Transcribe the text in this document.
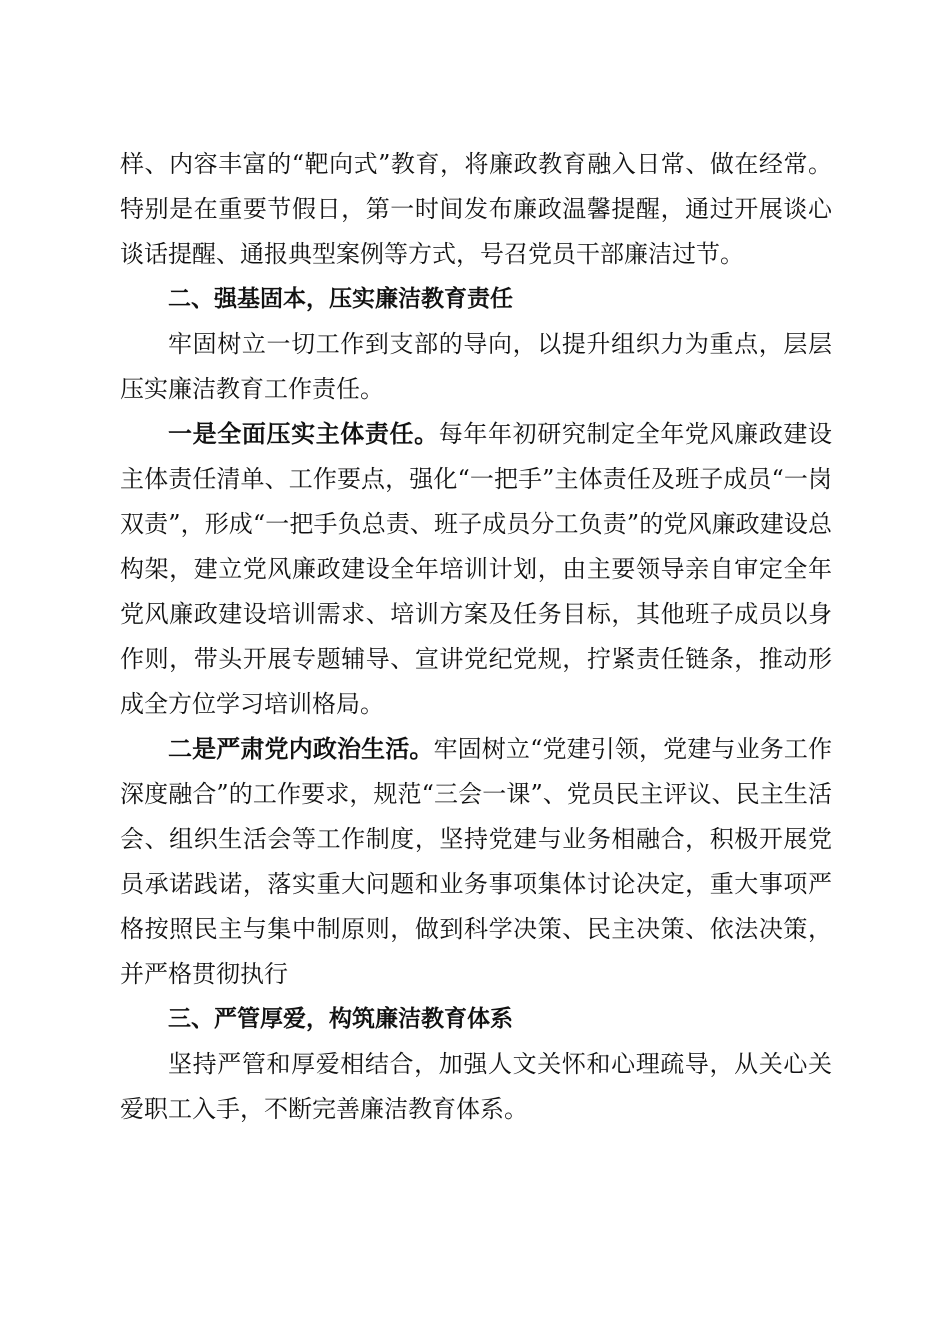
样、内容丰富的“靶向式”教育，将廉政教育融入日常、做在经常。特别是在重要节假日，第一时间发布廉政温馨提醒，通过开展谈心谈话提醒、通报典型案例等方式，号召党员干部廉洁过节。

二、强基固本，压实廉洁教育责任

牢固树立一切工作到支部的导向，以提升组织力为重点，层层压实廉洁教育工作责任。

一是全面压实主体责任。每年年初研究制定全年党风廉政建设主体责任清单、工作要点，强化“一把手”主体责任及班子成员“一岗双责”，形成“一把手负总责、班子成员分工负责”的党风廉政建设总构架，建立党风廉政建设全年培训计划，由主要领导亲自审定全年党风廉政建设培训需求、培训方案及任务目标，其他班子成员以身作则，带头开展专题辅导、宣讲党纪党规，拧紧责任链条，推动形成全方位学习培训格局。

二是严肃党内政治生活。牢固树立“党建引领，党建与业务工作深度融合”的工作要求，规范“三会一课”、党员民主评议、民主生活会、组织生活会等工作制度，坚持党建与业务相融合，积极开展党员承诺践诺，落实重大问题和业务事项集体讨论决定，重大事项严格按照民主与集中制原则，做到科学决策、民主决策、依法决策，并严格贯彻执行

三、严管厚爱，构筑廉洁教育体系

坚持严管和厚爱相结合，加强人文关怀和心理疏导，从关心关爱职工入手，不断完善廉洁教育体系。
